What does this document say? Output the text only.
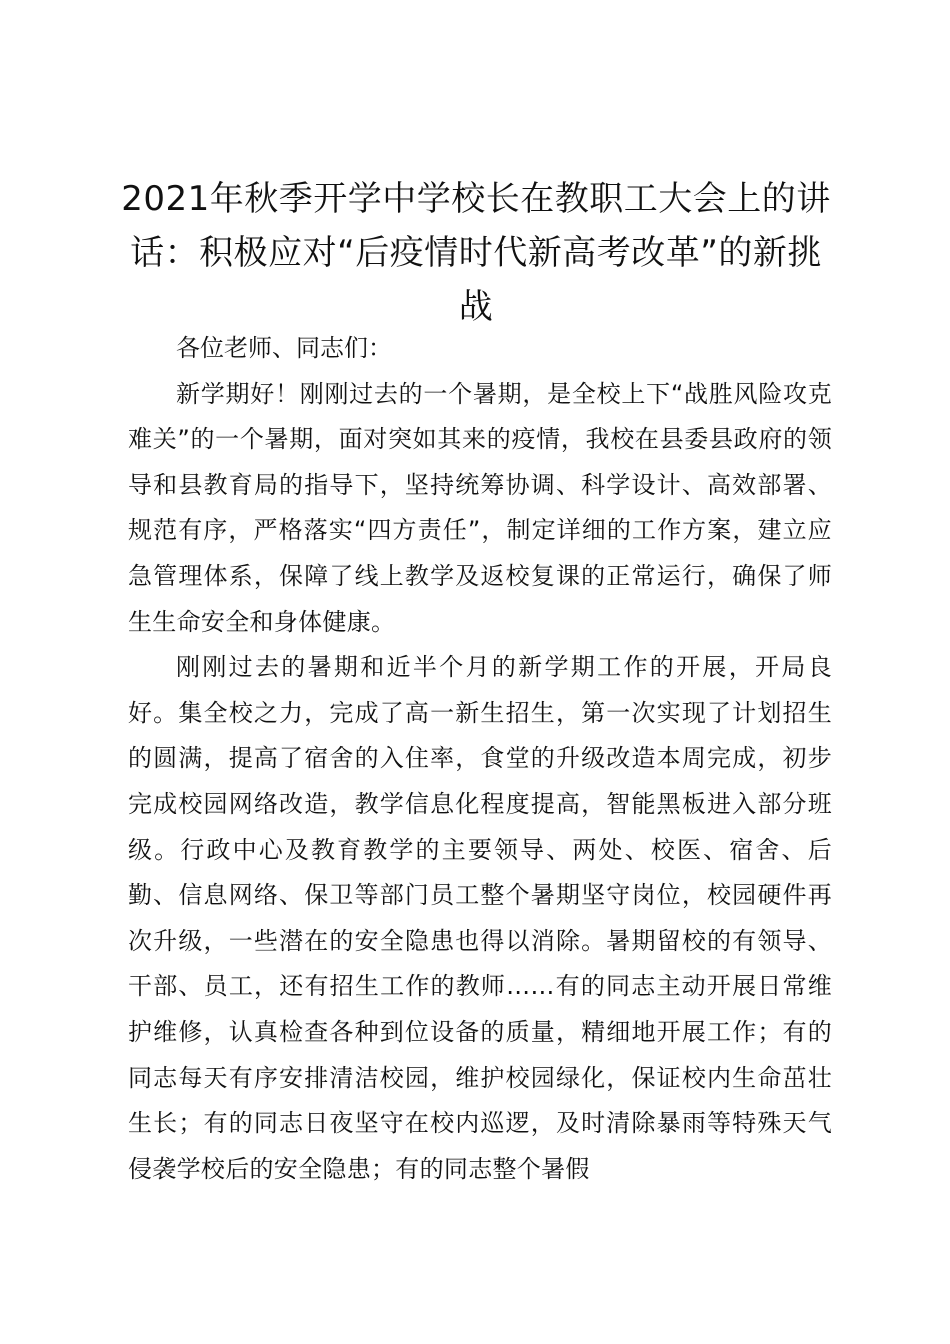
2021年秋季开学中学校长在教职工大会上的讲话：积极应对“后疫情时代新高考改革”的新挑战

各位老师、同志们：

新学期好！刚刚过去的一个暑期，是全校上下“战胜风险攻克难关”的一个暑期，面对突如其来的疫情，我校在县委县政府的领导和县教育局的指导下，坚持统筹协调、科学设计、高效部署、规范有序，严格落实“四方责任”，制定详细的工作方案，建立应急管理体系，保障了线上教学及返校复课的正常运行，确保了师生生命安全和身体健康。

刚刚过去的暑期和近半个月的新学期工作的开展，开局良好。集全校之力，完成了高一新生招生，第一次实现了计划招生的圆满，提高了宿舍的入住率，食堂的升级改造本周完成，初步完成校园网络改造，教学信息化程度提高，智能黑板进入部分班级。行政中心及教育教学的主要领导、两处、校医、宿舍、后勤、信息网络、保卫等部门员工整个暑期坚守岗位，校园硬件再次升级，一些潜在的安全隐患也得以消除。暑期留校的有领导、干部、员工，还有招生工作的教师……有的同志主动开展日常维护维修，认真检查各种到位设备的质量，精细地开展工作；有的同志每天有序安排清洁校园，维护校园绿化，保证校内生命茁壮生长；有的同志日夜坚守在校内巡逻，及时清除暴雨等特殊天气侵袭学校后的安全隐患；有的同志整个暑假
